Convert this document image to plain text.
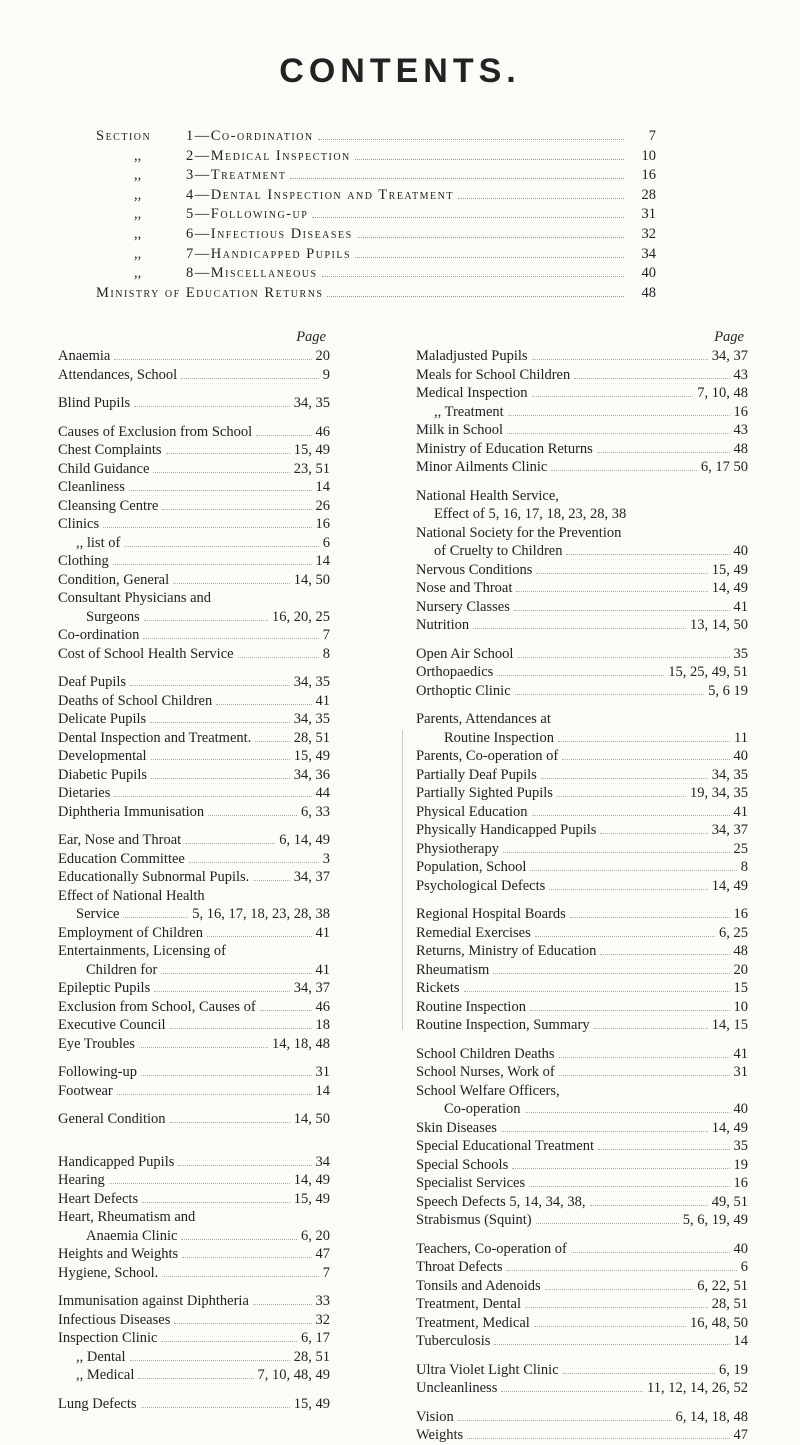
CONTENTS.
Section	1—Co-ordination	7
,,	2—Medical Inspection	10
,,	3—Treatment	16
,,	4—Dental Inspection and Treatment	28
,,	5—Following-up	31
,,	6—Infectious Diseases	32
,,	7—Handicapped Pupils	34
,,	8—Miscellaneous	40
Ministry of Education Returns	48
Page
Anaemia	20
Attendances, School	9
Blind Pupils	34, 35
Causes of Exclusion from School	46
Chest Complaints	15, 49
Child Guidance	23, 51
Cleanliness	14
Cleansing Centre	26
Clinics	16
,, list of	6
Clothing	14
Condition, General	14, 50
Consultant Physicians and
Surgeons	16, 20, 25
Co-ordination	7
Cost of School Health Service	8
Deaf Pupils	34, 35
Deaths of School Children	41
Delicate Pupils	34, 35
Dental Inspection and Treatment.	28, 51
Developmental	15, 49
Diabetic Pupils	34, 36
Dietaries	44
Diphtheria Immunisation	6, 33
Ear, Nose and Throat	6, 14, 49
Education Committee	3
Educationally Subnormal Pupils.	34, 37
Effect of National Health
Service	5, 16, 17, 18, 23, 28, 38
Employment of Children	41
Entertainments, Licensing of
Children for	41
Epileptic Pupils	34, 37
Exclusion from School, Causes of	46
Executive Council	18
Eye Troubles	14, 18, 48
Following-up	31
Footwear	14
General Condition	14, 50
Handicapped Pupils	34
Hearing	14, 49
Heart Defects	15, 49
Heart, Rheumatism and
Anaemia Clinic	6, 20
Heights and Weights	47
Hygiene, School.	7
Immunisation against Diphtheria	33
Infectious Diseases	32
Inspection Clinic	6, 17
,, Dental	28, 51
,, Medical	7, 10, 48, 49
Lung Defects	15, 49
Page
Maladjusted Pupils	34, 37
Meals for School Children	43
Medical Inspection	7, 10, 48
,, Treatment	16
Milk in School	43
Ministry of Education Returns	48
Minor Ailments Clinic	6, 17 50
National Health Service,
Effect of 5, 16, 17, 18, 23, 28, 38
National Society for the Prevention
of Cruelty to Children	40
Nervous Conditions	15, 49
Nose and Throat	14, 49
Nursery Classes	41
Nutrition	13, 14, 50
Open Air School	35
Orthopaedics	15, 25, 49, 51
Orthoptic Clinic	5, 6 19
Parents, Attendances at
Routine Inspection	11
Parents, Co-operation of	40
Partially Deaf Pupils	34, 35
Partially Sighted Pupils	19, 34, 35
Physical Education	41
Physically Handicapped Pupils	34, 37
Physiotherapy	25
Population, School	8
Psychological Defects	14, 49
Regional Hospital Boards	16
Remedial Exercises	6, 25
Returns, Ministry of Education	48
Rheumatism	20
Rickets	15
Routine Inspection	10
Routine Inspection, Summary	14, 15
School Children Deaths	41
School Nurses, Work of	31
School Welfare Officers,
Co-operation	40
Skin Diseases	14, 49
Special Educational Treatment	35
Special Schools	19
Specialist Services	16
Speech Defects 5, 14, 34, 38,	49, 51
Strabismus (Squint)	5, 6, 19, 49
Teachers, Co-operation of	40
Throat Defects	6
Tonsils and Adenoids	6, 22, 51
Treatment, Dental	28, 51
Treatment, Medical	16, 48, 50
Tuberculosis	14
Ultra Violet Light Clinic	6, 19
Uncleanliness	11, 12, 14, 26, 52
Vision	6, 14, 18, 48
Weights	47
